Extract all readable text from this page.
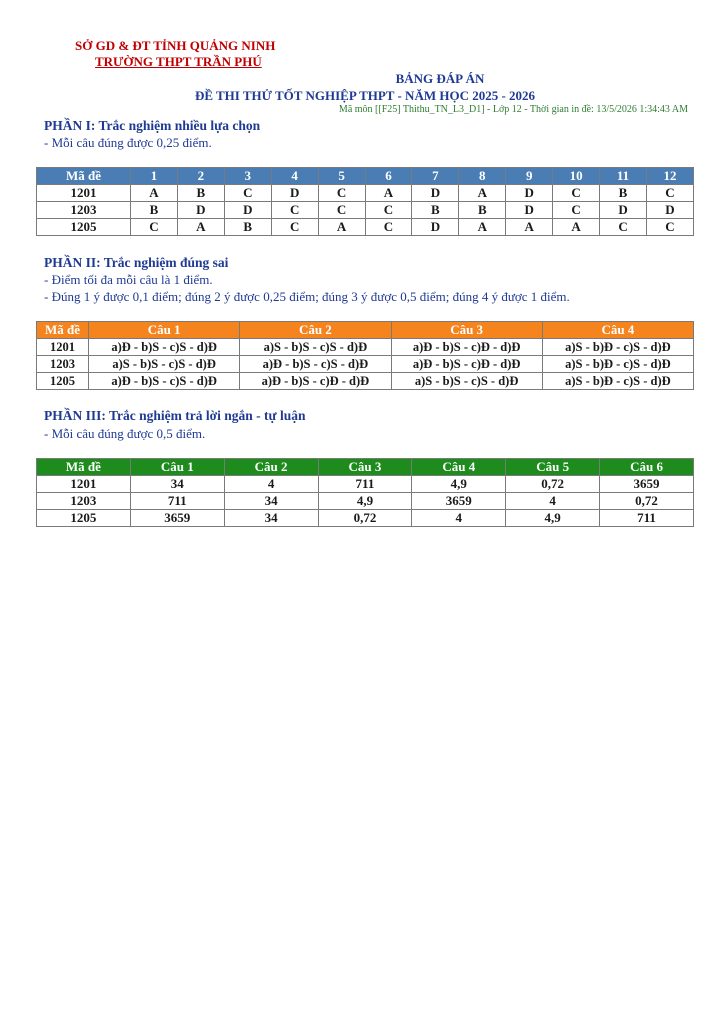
SỞ GD & ĐT TỈNH QUẢNG NINH
TRƯỜNG THPT TRẦN PHÚ
BẢNG ĐÁP ÁN
ĐỀ THI THỬ TỐT NGHIỆP THPT - NĂM HỌC 2025 - 2026
Mã môn [[F25] Thithu_TN_L3_D1] - Lớp 12 - Thời gian in đề: 13/5/2026 1:34:43 AM
PHẦN I: Trắc nghiệm nhiều lựa chọn
- Mỗi câu đúng được 0,25 điểm.
Mã đề	1	2	3	4	5	6	7	8	9	10	11	12
1201	A	B	C	D	C	A	D	A	D	C	B	C
1203	B	D	D	C	C	C	B	B	D	C	D	D
1205	C	A	B	C	A	C	D	A	A	A	C	C
PHẦN II: Trắc nghiệm đúng sai
- Điểm tối đa mỗi câu là 1 điểm.
- Đúng 1 ý được 0,1 điểm; đúng 2 ý được 0,25 điểm; đúng 3 ý được 0,5 điểm; đúng 4 ý được 1 điểm.
Mã đề	Câu 1	Câu 2	Câu 3	Câu 4
1201	a)Đ - b)S - c)S - d)Đ	a)S - b)S - c)S - d)Đ	a)Đ - b)S - c)Đ - d)Đ	a)S - b)Đ - c)S - d)Đ
1203	a)S - b)S - c)S - d)Đ	a)Đ - b)S - c)S - d)Đ	a)Đ - b)S - c)Đ - d)Đ	a)S - b)Đ - c)S - d)Đ
1205	a)Đ - b)S - c)S - d)Đ	a)Đ - b)S - c)Đ - d)Đ	a)S - b)S - c)S - d)Đ	a)S - b)Đ - c)S - d)Đ
PHẦN III: Trắc nghiệm trả lời ngắn - tự luận
- Mỗi câu đúng được 0,5 điểm.
Mã đề	Câu 1	Câu 2	Câu 3	Câu 4	Câu 5	Câu 6
1201	34	4	711	4,9	0,72	3659
1203	711	34	4,9	3659	4	0,72
1205	3659	34	0,72	4	4,9	711
